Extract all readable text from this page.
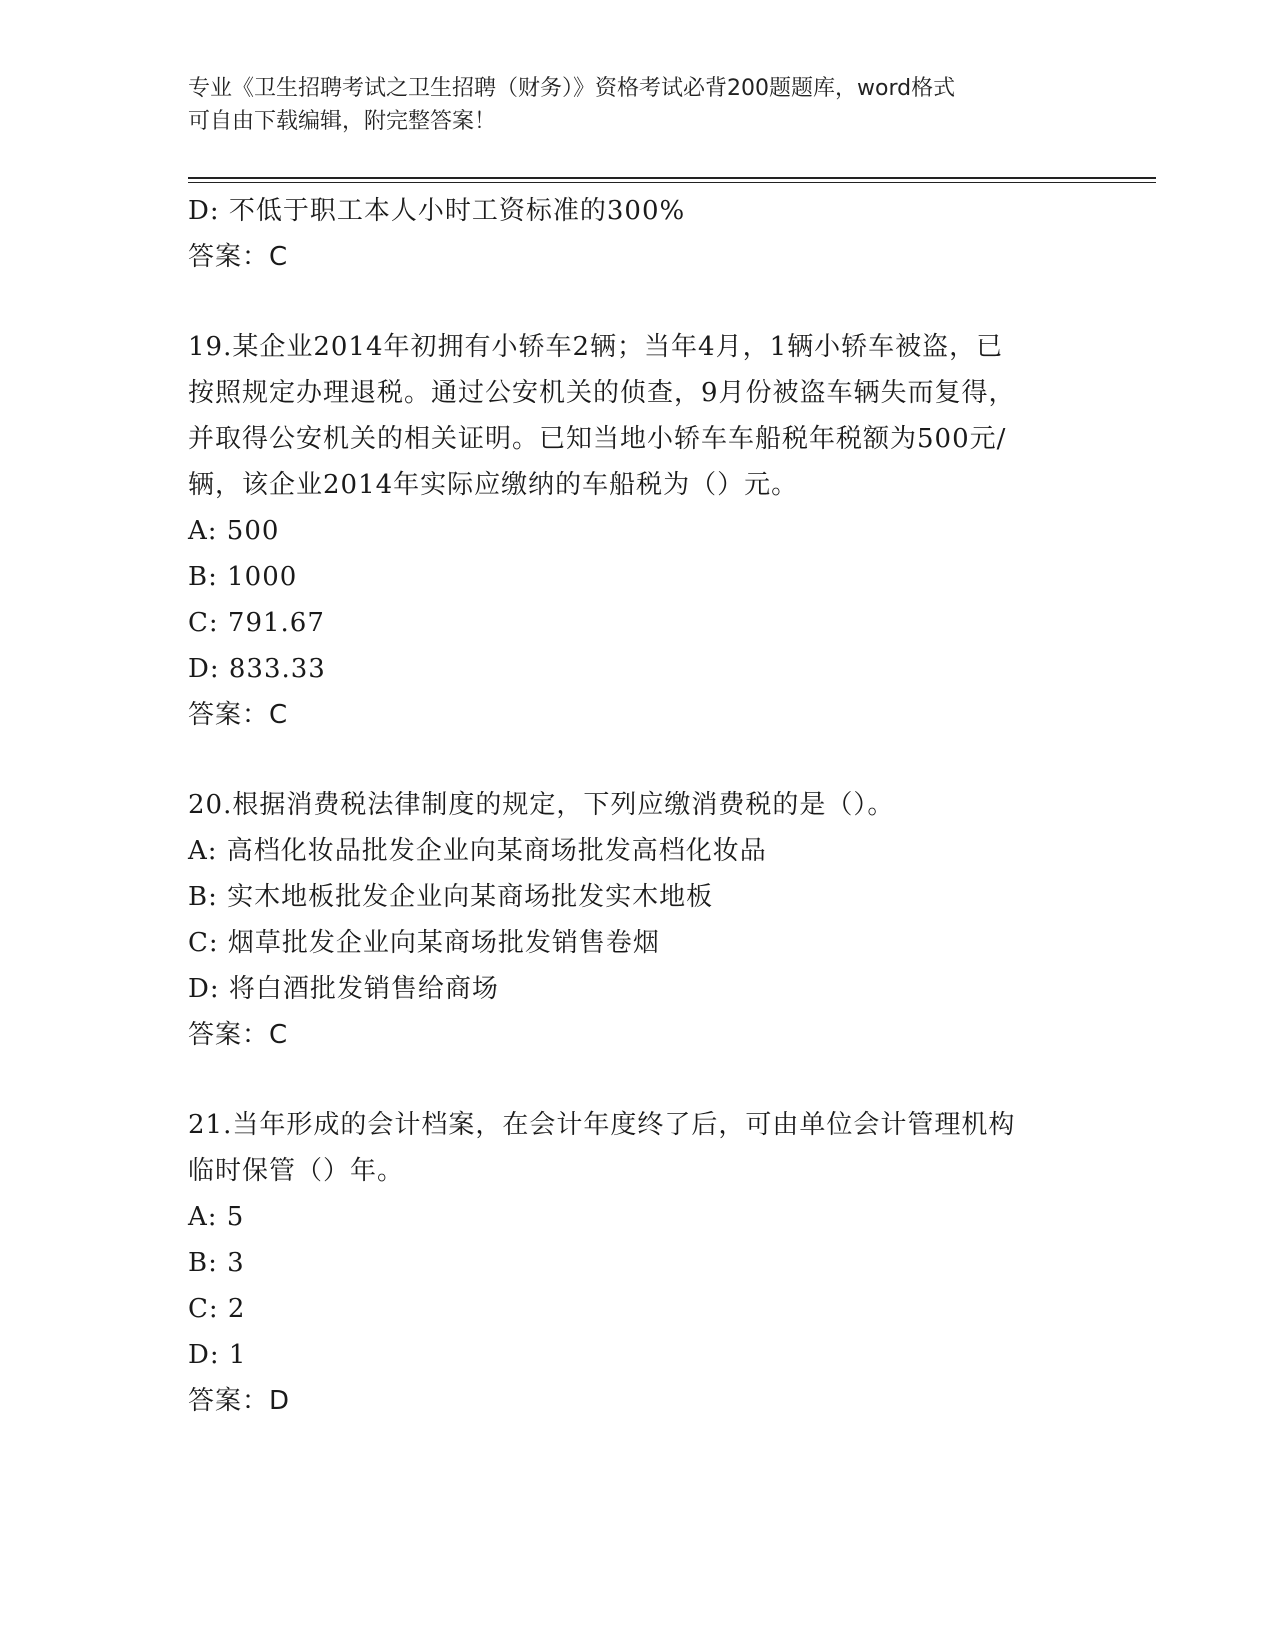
专业《卫生招聘考试之卫生招聘（财务）》资格考试必背200题题库，word格式
可自由下载编辑，附完整答案！
D: 不低于职工本人小时工资标准的300%
答案：C
19.某企业2014年初拥有小轿车2辆；当年4月，1辆小轿车被盗，已
按照规定办理退税。通过公安机关的侦查，9月份被盗车辆失而复得，
并取得公安机关的相关证明。已知当地小轿车车船税年税额为500元/
辆，该企业2014年实际应缴纳的车船税为（）元。
A: 500
B: 1000
C: 791.67
D: 833.33
答案：C
20.根据消费税法律制度的规定，下列应缴消费税的是（）。
A: 高档化妆品批发企业向某商场批发高档化妆品
B: 实木地板批发企业向某商场批发实木地板
C: 烟草批发企业向某商场批发销售卷烟
D: 将白酒批发销售给商场
答案：C
21.当年形成的会计档案，在会计年度终了后，可由单位会计管理机构
临时保管（）年。
A: 5
B: 3
C: 2
D: 1
答案：D
